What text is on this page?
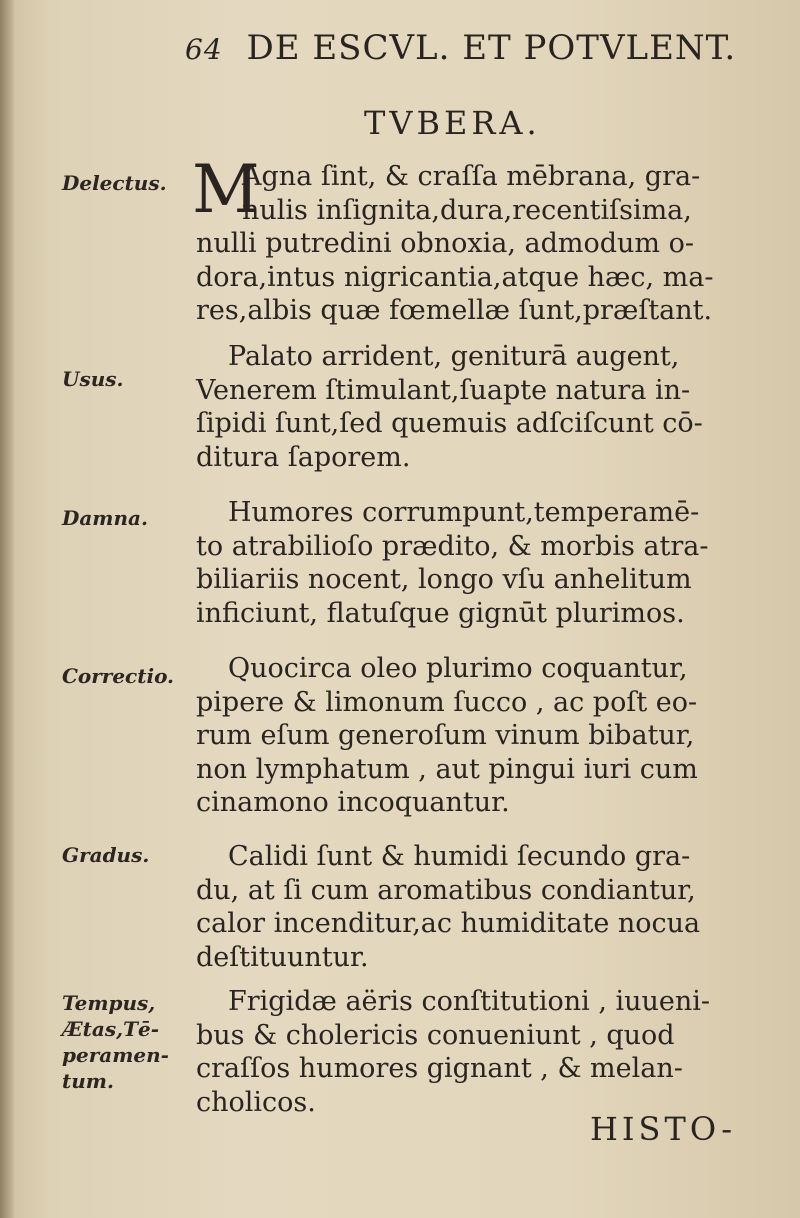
64 DE ESCVL. ET POTVLENT.
TVBERA.
Delectus.
Usus.
Damna.
Correctio.
Gradus.
Tempus,
Ætas,Tē-
peramen-
tum.
M
Agna ſint, & craſſa mēbrana, gra-
nulis inſignita,dura,recentiſsima,
nulli putredini obnoxia, admodum o-
dora,intus nigricantia,atque hæc, ma-
res,albis quæ fœmellæ ſunt,præſtant.
Palato arrident, geniturā augent,
Venerem ſtimulant,ſuapte natura in-
ſipidi ſunt,ſed quemuis adſciſcunt cō-
ditura ſaporem.
Humores corrumpunt,temperamē-
to atrabilioſo prædito, & morbis atra-
biliariis nocent, longo vſu anhelitum
inficiunt, flatuſque gignūt plurimos.
Quocirca oleo plurimo coquantur,
pipere & limonum ſucco , ac poſt eo-
rum eſum generoſum vinum bibatur,
non lymphatum , aut pingui iuri cum
cinamono incoquantur.
Calidi ſunt & humidi ſecundo gra-
du, at ſi cum aromatibus condiantur,
calor incenditur,ac humiditate nocua
deſtituuntur.
Frigidæ aëris conſtitutioni , iuueni-
bus & cholericis conueniunt , quod
craſſos humores gignant , & melan-
cholicos.
HISTO-
